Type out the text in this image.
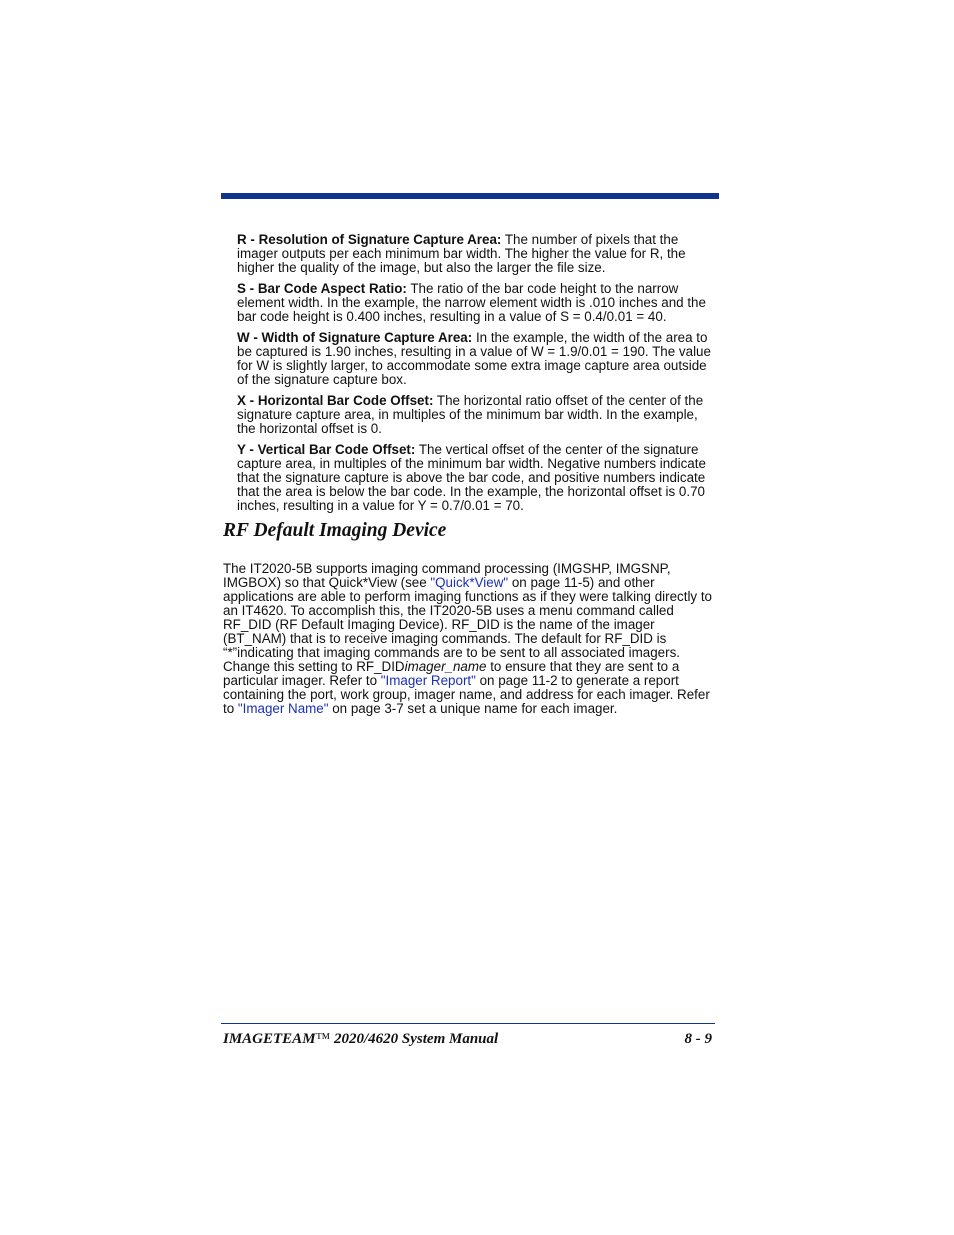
R - Resolution of Signature Capture Area: The number of pixels that the imager outputs per each minimum bar width. The higher the value for R, the higher the quality of the image, but also the larger the file size.

S - Bar Code Aspect Ratio: The ratio of the bar code height to the narrow element width. In the example, the narrow element width is .010 inches and the bar code height is 0.400 inches, resulting in a value of S = 0.4/0.01 = 40.

W - Width of Signature Capture Area: In the example, the width of the area to be captured is 1.90 inches, resulting in a value of W = 1.9/0.01 = 190. The value for W is slightly larger, to accommodate some extra image capture area outside of the signature capture box.

X - Horizontal Bar Code Offset: The horizontal ratio offset of the center of the signature capture area, in multiples of the minimum bar width. In the example, the horizontal offset is 0.

Y - Vertical Bar Code Offset: The vertical offset of the center of the signature capture area, in multiples of the minimum bar width. Negative numbers indicate that the signature capture is above the bar code, and positive numbers indicate that the area is below the bar code. In the example, the horizontal offset is 0.70 inches, resulting in a value for Y = 0.7/0.01 = 70.

RF Default Imaging Device

The IT2020-5B supports imaging command processing (IMGSHP, IMGSNP, IMGBOX) so that Quick*View (see "Quick*View" on page 11-5) and other applications are able to perform imaging functions as if they were talking directly to an IT4620. To accomplish this, the IT2020-5B uses a menu command called RF_DID (RF Default Imaging Device). RF_DID is the name of the imager (BT_NAM) that is to receive imaging commands. The default for RF_DID is “*”indicating that imaging commands are to be sent to all associated imagers. Change this setting to RF_DIDimager_name to ensure that they are sent to a particular imager. Refer to "Imager Report" on page 11-2 to generate a report containing the port, work group, imager name, and address for each imager. Refer to "Imager Name" on page 3-7 set a unique name for each imager.

IMAGETEAM™ 2020/4620 System Manual	8 - 9
